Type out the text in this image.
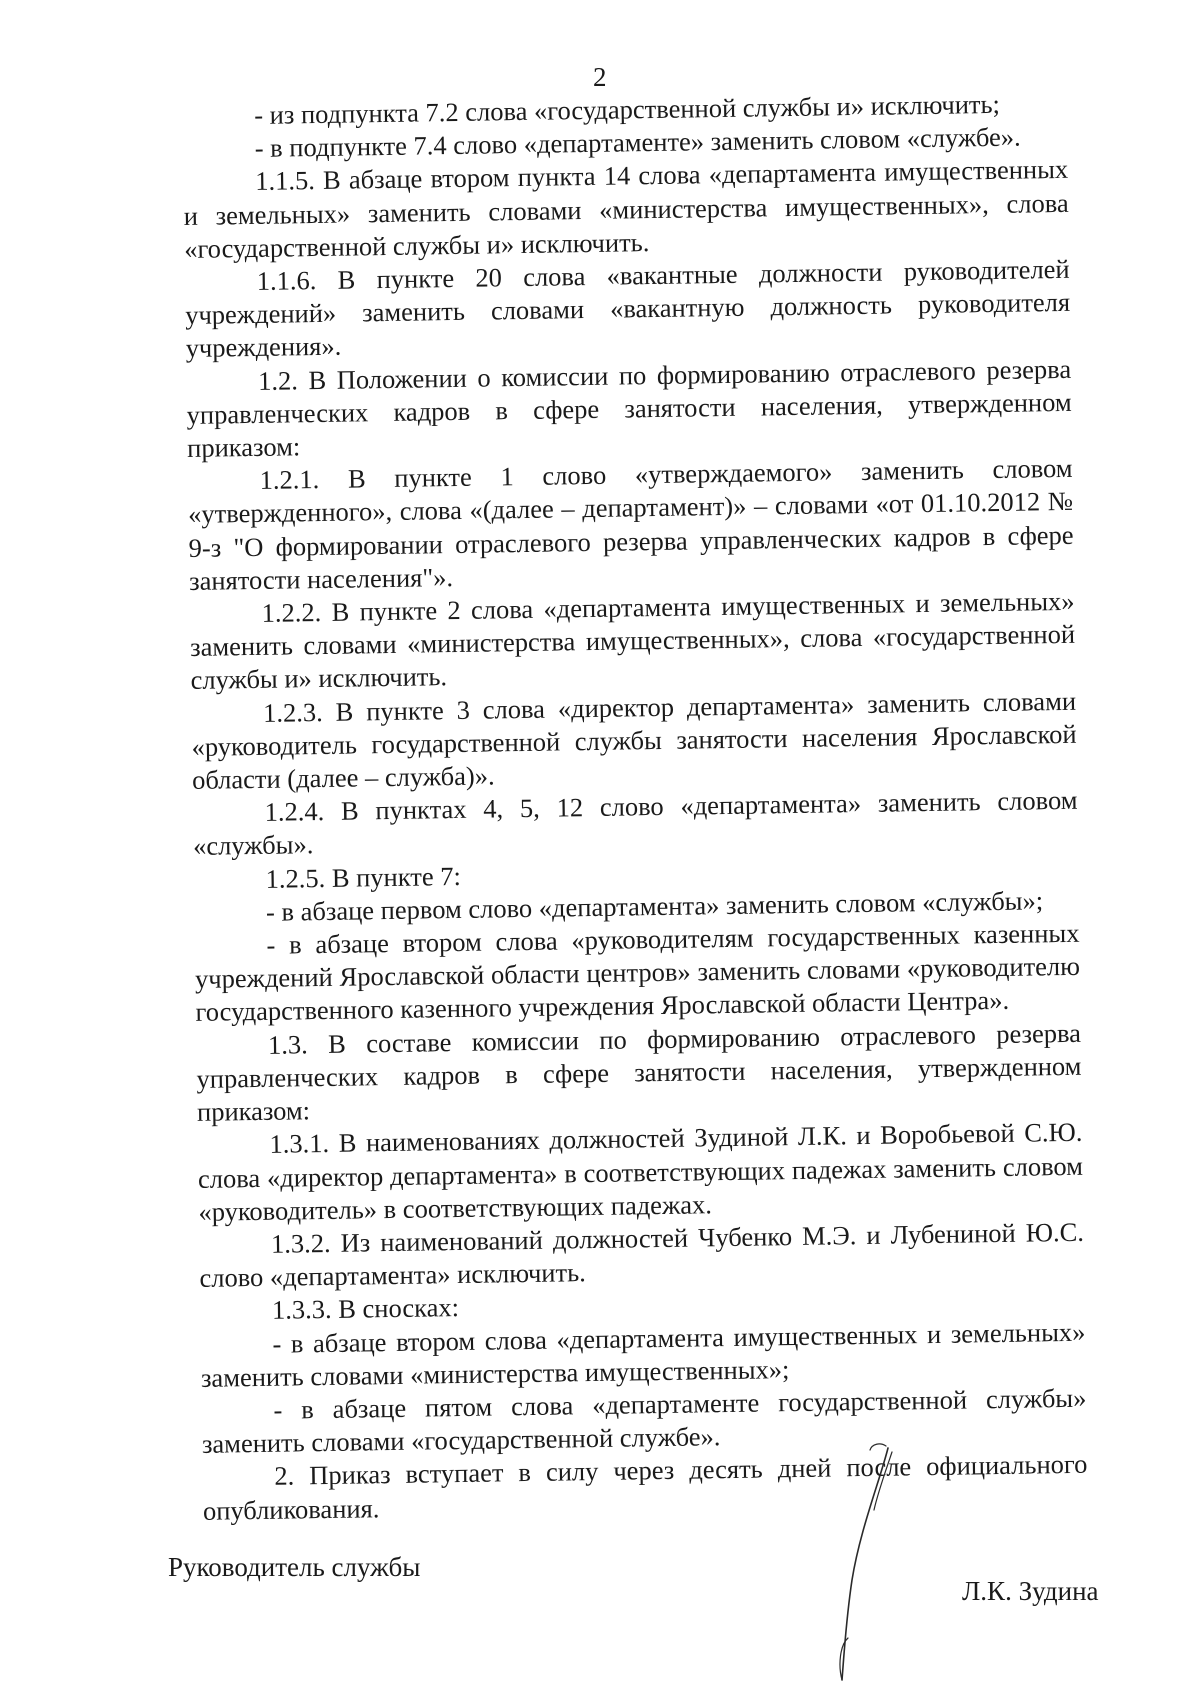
2

- из подпункта 7.2 слова «государственной службы и» исключить;

- в подпункте 7.4 слово «департаменте» заменить словом «службе».

1.1.5. В абзаце втором пункта 14 слова «департамента имущественных и земельных» заменить словами «министерства имущественных», слова «государственной службы и» исключить.

1.1.6. В пункте 20 слова «вакантные должности руководителей учреждений» заменить словами «вакантную должность руководителя учреждения».

1.2. В Положении о комиссии по формированию отраслевого резерва управленческих кадров в сфере занятости населения, утвержденном приказом:

1.2.1. В пункте 1 слово «утверждаемого» заменить словом «утвержденного», слова «(далее – департамент)» – словами «от 01.10.2012 № 9-з "О формировании отраслевого резерва управленческих кадров в сфере занятости населения"».

1.2.2. В пункте 2 слова «департамента имущественных и земельных» заменить словами «министерства имущественных», слова «государственной службы и» исключить.

1.2.3. В пункте 3 слова «директор департамента» заменить словами «руководитель государственной службы занятости населения Ярославской области (далее – служба)».

1.2.4. В пунктах 4, 5, 12 слово «департамента» заменить словом «службы».

1.2.5. В пункте 7:

- в абзаце первом слово «департамента» заменить словом «службы»;

- в абзаце втором слова «руководителям государственных казенных учреждений Ярославской области центров» заменить словами «руководителю государственного казенного учреждения Ярославской области Центра».

1.3. В составе комиссии по формированию отраслевого резерва управленческих кадров в сфере занятости населения, утвержденном приказом:

1.3.1. В наименованиях должностей Зудиной Л.К. и Воробьевой С.Ю. слова «директор департамента» в соответствующих падежах заменить словом «руководитель» в соответствующих падежах.

1.3.2. Из наименований должностей Чубенко М.Э. и Лубениной Ю.С. слово «департамента» исключить.

1.3.3. В сносках:

- в абзаце втором слова «департамента имущественных и земельных» заменить словами «министерства имущественных»;

- в абзаце пятом слова «департаменте государственной службы» заменить словами «государственной службе».

2. Приказ вступает в силу через десять дней после официального опубликования.

Руководитель службы
Л.К. Зудина
